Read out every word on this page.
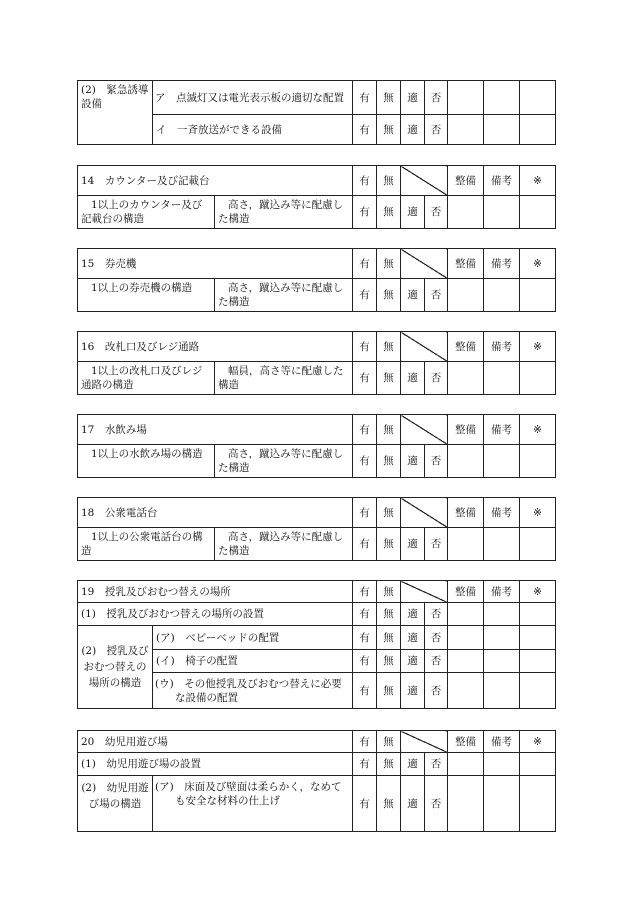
(2)　緊急誘導設備	ア　点滅灯又は電光表示板の適切な配置	有	無	適	否			
	イ　一斉放送ができる設備	有	無	適	否			
14　カウンター及び記載台		有	無			整備	備考	※
1以上のカウンター及び記載台の構造	高さ，蹴込み等に配慮した構造	有	無	適	否			
15　券売機		有	無			整備	備考	※
1以上の券売機の構造	高さ，蹴込み等に配慮した構造	有	無	適	否			
16　改札口及びレジ通路		有	無			整備	備考	※
1以上の改札口及びレジ通路の構造	幅員，高さ等に配慮した構造	有	無	適	否			
17　水飲み場		有	無			整備	備考	※
1以上の水飲み場の構造	高さ，蹴込み等に配慮した構造	有	無	適	否			
18　公衆電話台		有	無			整備	備考	※
1以上の公衆電話台の構造	高さ，蹴込み等に配慮した構造	有	無	適	否			
19　授乳及びおむつ替えの場所		有	無			整備	備考	※
(1)　授乳及びおむつ替えの場所の設置		有	無	適	否			
(2)　授乳及びおむつ替えの場所の構造	(ア)　ベビーベッドの配置	有	無	適	否			
	(イ)　椅子の配置	有	無	適	否			
	(ウ)　その他授乳及びおむつ替えに必要な設備の配置	有	無	適	否			
20　幼児用遊び場		有	無			整備	備考	※
(1)　幼児用遊び場の設置		有	無	適	否			
(2)　幼児用遊び場の構造	(ア)　床面及び壁面は柔らかく，なめても安全な材料の仕上げ	有	無	適	否			
